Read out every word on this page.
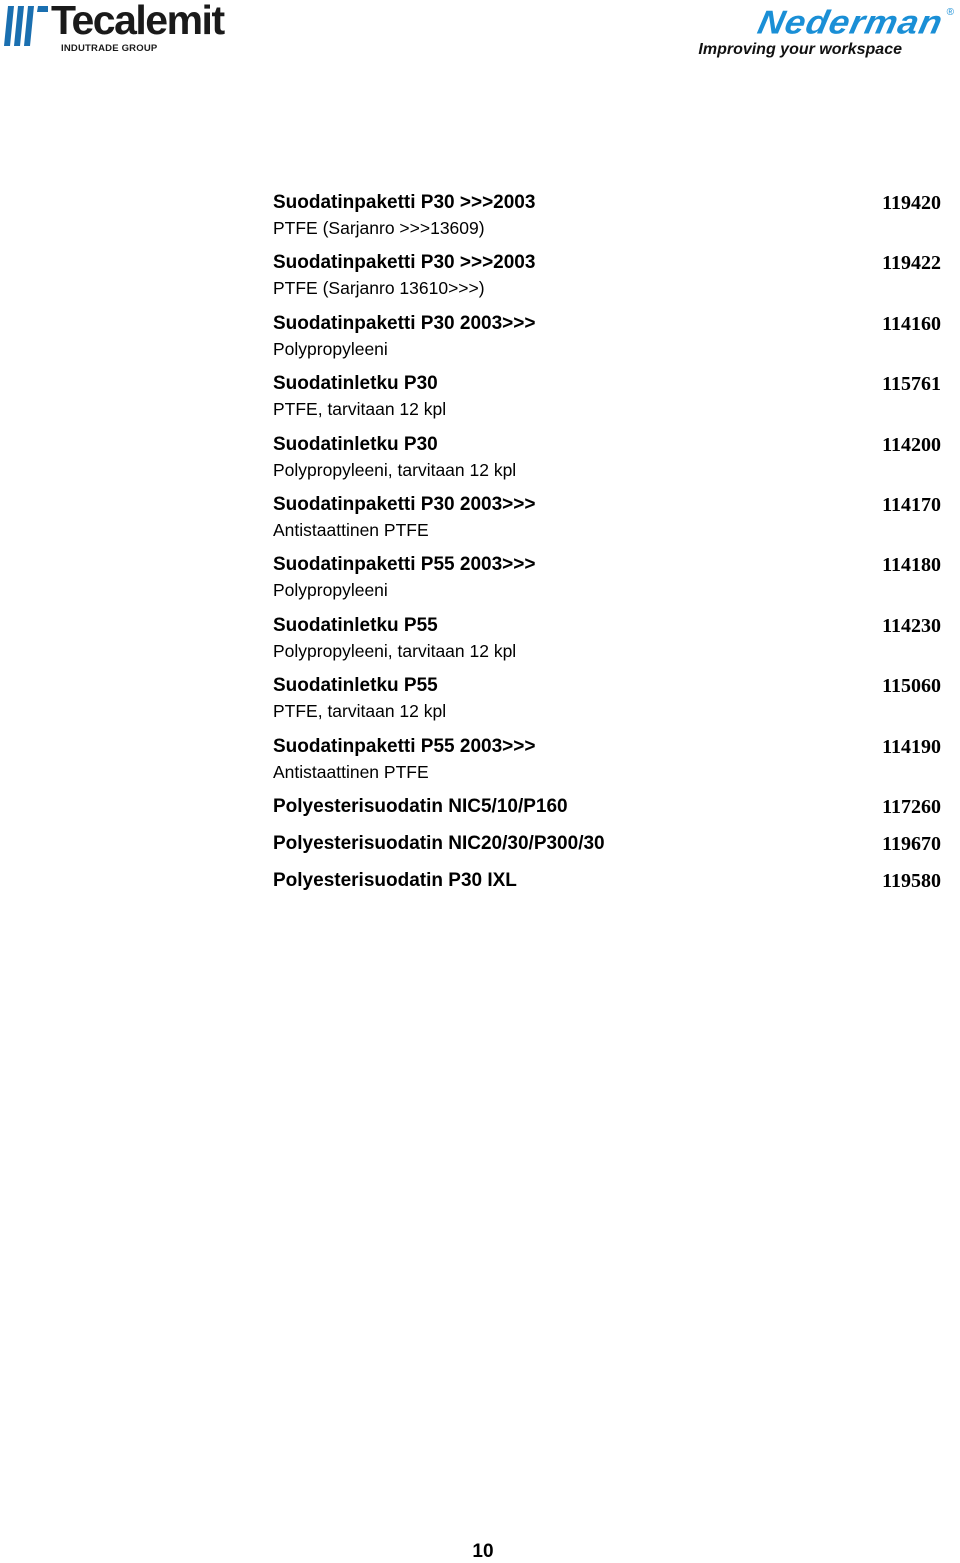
Tecalemit
INDUTRADE GROUP
Nederman ®
Improving your workspace
Suodatinpaketti P30 >>>2003
PTFE (Sarjanro >>>13609)
119420
Suodatinpaketti P30 >>>2003
PTFE (Sarjanro 13610>>>)
119422
Suodatinpaketti P30 2003>>>
Polypropyleeni
114160
Suodatinletku P30
PTFE, tarvitaan 12 kpl
115761
Suodatinletku P30
Polypropyleeni, tarvitaan 12 kpl
114200
Suodatinpaketti P30 2003>>>
Antistaattinen PTFE
114170
Suodatinpaketti P55 2003>>>
Polypropyleeni
114180
Suodatinletku P55
Polypropyleeni, tarvitaan 12 kpl
114230
Suodatinletku P55
PTFE, tarvitaan 12 kpl
115060
Suodatinpaketti P55 2003>>>
Antistaattinen PTFE
114190
Polyesterisuodatin NIC5/10/P160	117260
Polyesterisuodatin NIC20/30/P300/30	119670
Polyesterisuodatin P30 IXL	119580
10
